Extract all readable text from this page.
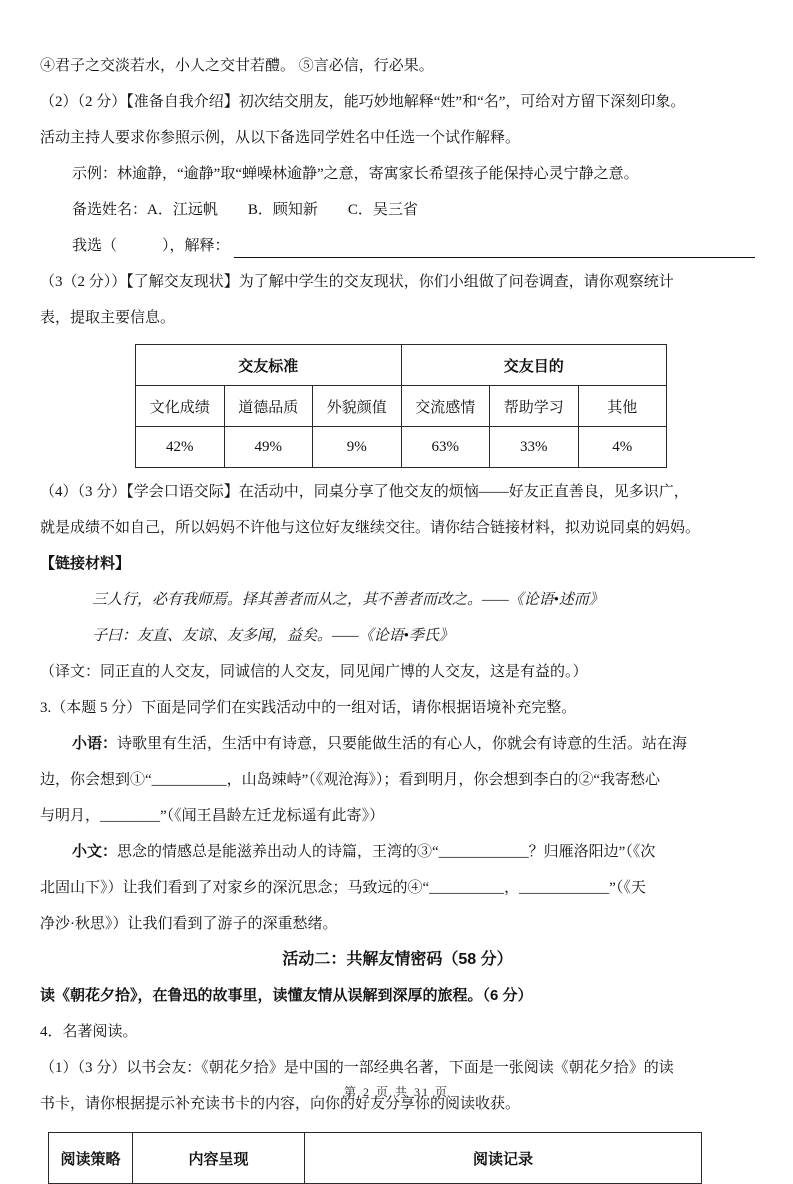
④君子之交淡若水，小人之交甘若醴。 ⑤言必信，行必果。
（2）（2 分）【准备自我介绍】初次结交朋友，能巧妙地解释“姓”和“名”，可给对方留下深刻印象。
活动主持人要求你参照示例，从以下备选同学姓名中任选一个试作解释。
示例：林逾静，“逾静”取“蝉噪林逾静”之意，寄寓家长希望孩子能保持心灵宁静之意。
备选姓名：A．江远帆　　B．顾知新　　C．吴三省
我选（　　　），解释：
（3（2 分））【了解交友现状】为了解中学生的交友现状，你们小组做了问卷调查，请你观察统计
表，提取主要信息。
交友标准			交友目的		
文化成绩	道德品质	外貌颜值	交流感情	帮助学习	其他
42%	49%	9%	63%	33%	4%
（4）（3 分）【学会口语交际】在活动中，同桌分享了他交友的烦恼——好友正直善良，见多识广，
就是成绩不如自己，所以妈妈不许他与这位好友继续交往。请你结合链接材料，拟劝说同桌的妈妈。
【链接材料】
三人行，必有我师焉。择其善者而从之，其不善者而改之。——《论语•述而》
子曰：友直、友谅、友多闻，益矣。——《论语•季氏》
（译文：同正直的人交友，同诚信的人交友，同见闻广博的人交友，这是有益的。）
3.（本题 5 分）下面是同学们在实践活动中的一组对话，请你根据语境补充完整。
小语：诗歌里有生活，生活中有诗意，只要能做生活的有心人，你就会有诗意的生活。站在海
边，你会想到①“__________，山岛竦峙”（《观沧海》）；看到明月，你会想到李白的②“我寄愁心
与明月，________”（《闻王昌龄左迁龙标遥有此寄》）
小文：思念的情感总是能滋养出动人的诗篇，王湾的③“____________？归雁洛阳边”（《次
北固山下》）让我们看到了对家乡的深沉思念；马致远的④“__________，____________”（《天
净沙·秋思》）让我们看到了游子的深重愁绪。
活动二：共解友情密码（58 分）
读《朝花夕拾》，在鲁迅的故事里，读懂友情从误解到深厚的旅程。（6 分）
4．名著阅读。
（1）（3 分）以书会友：《朝花夕拾》是中国的一部经典名著，下面是一张阅读《朝花夕拾》的读
书卡，请你根据提示补充读书卡的内容，向你的好友分享你的阅读收获。
阅读策略	内容呈现	阅读记录
第 2 页 共 31 页
